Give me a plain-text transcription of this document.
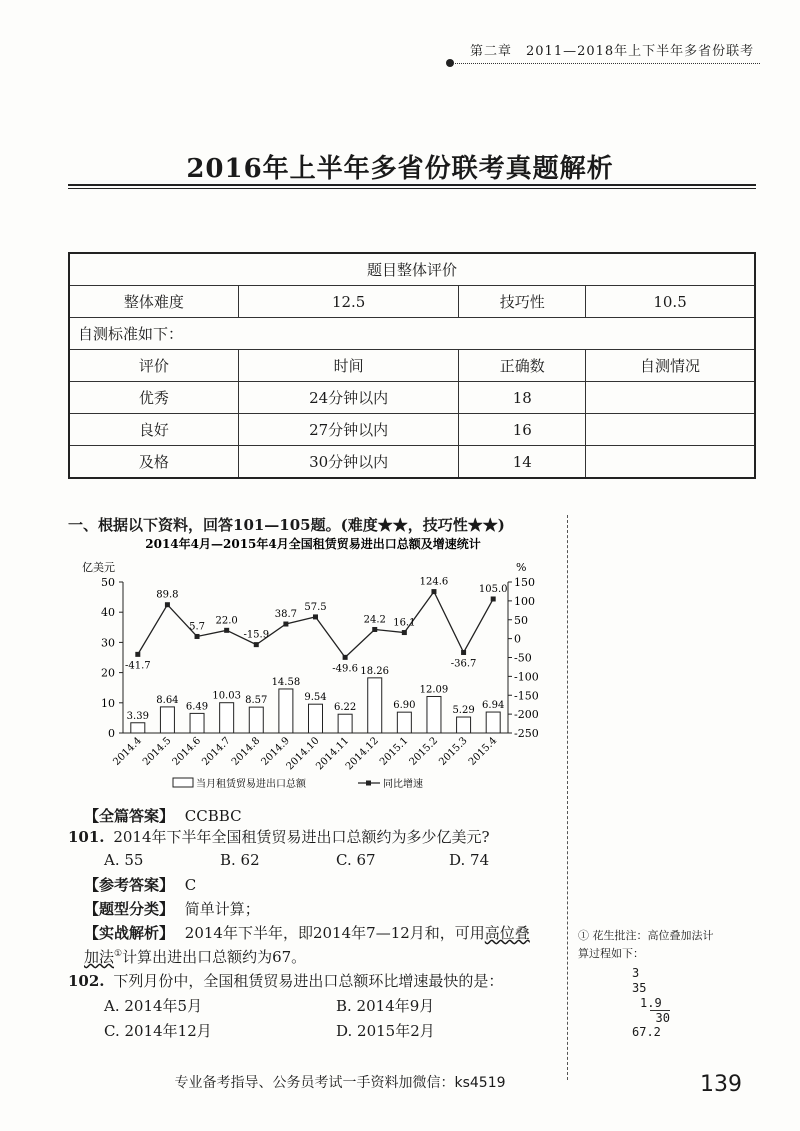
第二章　2011—2018年上下半年多省份联考
2016年上半年多省份联考真题解析
题目整体评价			
整体难度	12.5	技巧性	10.5
自测标准如下：			
评价	时间	正确数	自测情况
优秀	24分钟以内	18	
良好	27分钟以内	16	
及格	30分钟以内	14	
一、根据以下资料，回答101—105题。(难度★★，技巧性★★)
2014年4月—2015年4月全国租赁贸易进出口总额及增速统计
亿美元	%
0
10
20
30
40
50	150
100
50
0
-50
-100
-150
-200
-250
3.39
2014.4
8.64
2014.5
6.49
2014.6
10.03
2014.7
8.57
2014.8
14.58
2014.9
9.54
2014.10
6.22
2014.11
18.26
2014.12
6.90
2015.1
12.09
2015.2
5.29
2015.3
6.94
2015.4
-41.7
89.8
5.7
22.0
-15.9
38.7
57.5
-49.6
24.2 16.1
124.6
-36.7
105.0
当月租赁贸易进出口总额	同比增速
【全篇答案】 CCBBC
101. 2014年下半年全国租赁贸易进出口总额约为多少亿美元?
A. 55	B. 62	C. 67	D. 74
【参考答案】 C
【题型分类】 简单计算；
【实战解析】 2014年下半年，即2014年7—12月和，可用高位叠
加法①计算出进出口总额约为67。
102. 下列月份中，全国租赁贸易进出口总额环比增速最快的是：
A. 2014年5月	B. 2014年9月
C. 2014年12月	D. 2015年2月
① 花生批注：高位叠加法计
算过程如下：
3
35
1.9
30
67.2
专业备考指导、公务员考试一手资料加微信：ks4519	139
